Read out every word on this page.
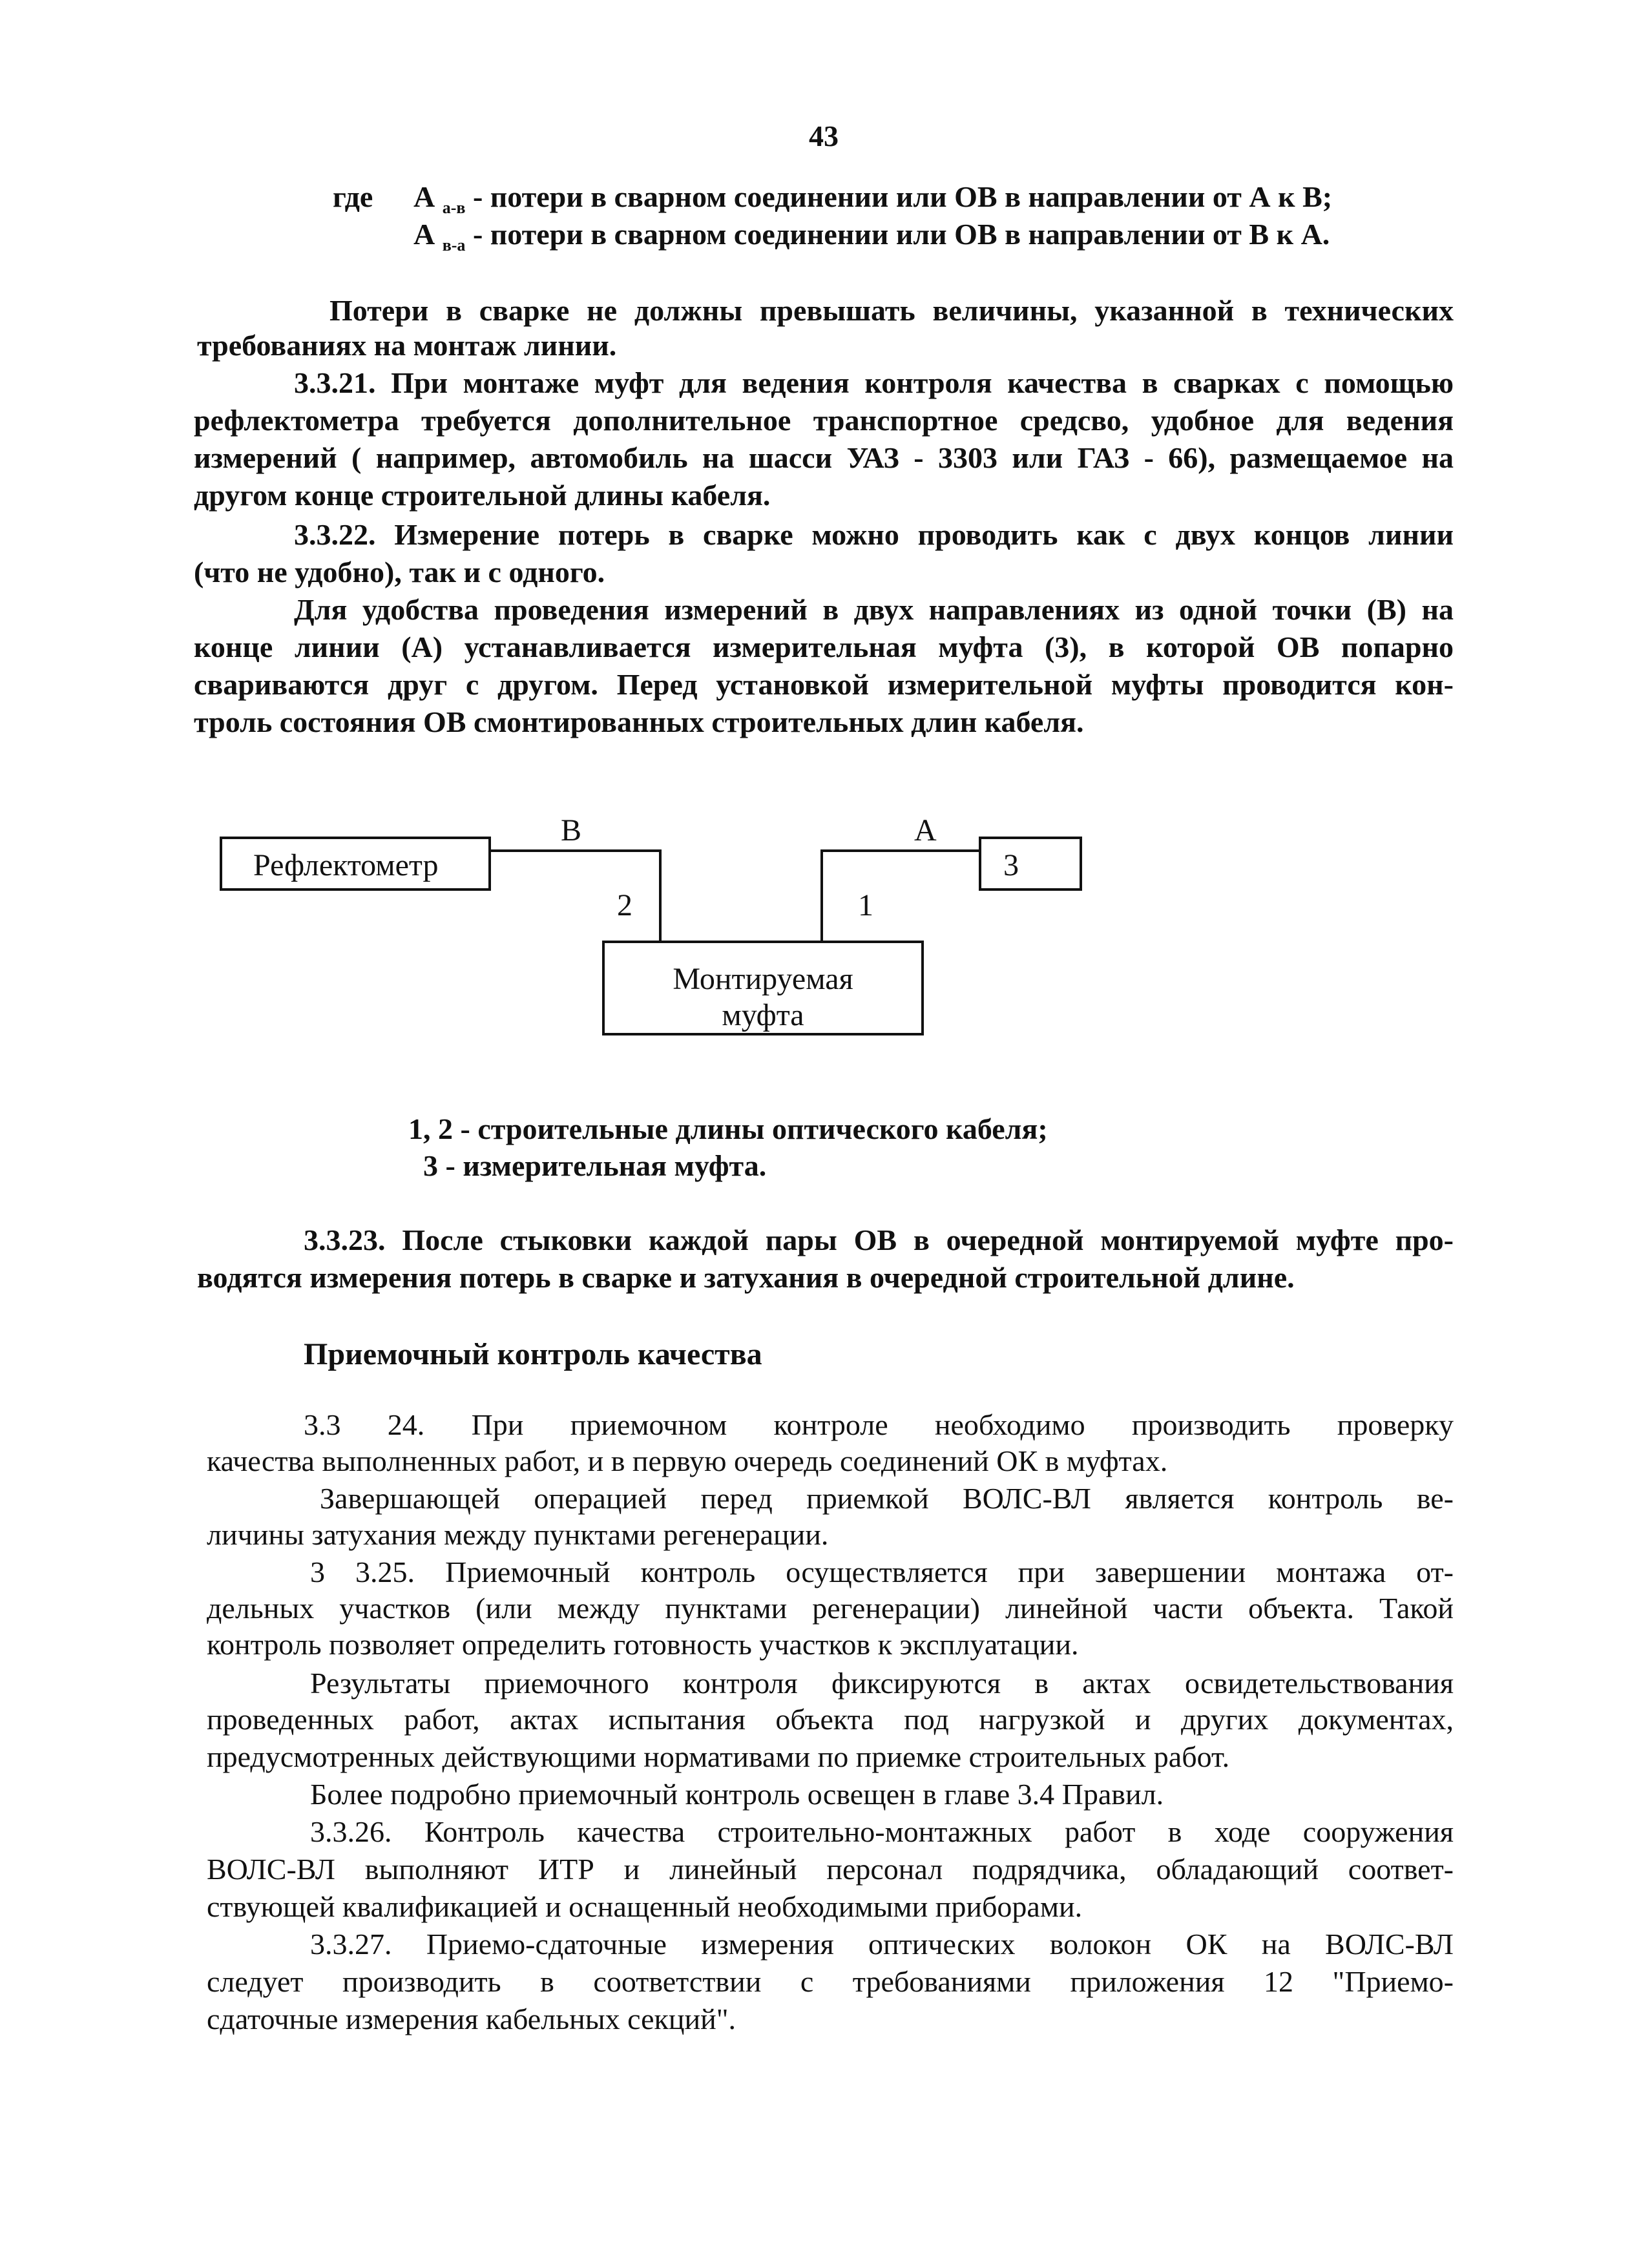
43
где А $_{а-в}$ - потери в сварном соединении или ОВ в направлении от А к В;
А $_{в-а}$ - потери в сварном соединении или ОВ в направлении от В к А.
Потери в сварке не должны превышать величины, указанной в технических
требованиях на монтаж линии.
3.3.21. При монтаже муфт для ведения контроля качества в сварках с помощью
рефлектометра требуется дополнительное транспортное средсво, удобное для ведения
измерений ( например, автомобиль на шасси УАЗ - 3303 или ГАЗ - 66), размещаемое на
другом конце строительной длины кабеля.
3.3.22. Измерение потерь в сварке можно проводить как с двух концов линии
(что не удобно), так и с одного.
Для удобства проведения измерений в двух направлениях из одной точки (В) на
конце линии (А) устанавливается измерительная муфта (3), в которой ОВ попарно
свариваются друг с другом. Перед установкой измерительной муфты проводится кон-
троль состояния ОВ смонтированных строительных длин кабеля.
Рефлектометр	3
В
2
А
1
Монтируемая
муфта
1, 2 - строительные длины оптического кабеля;
3 - измерительная муфта.
3.3.23. После стыковки каждой пары ОВ в очередной монтируемой муфте про-
водятся измерения потерь в сварке и затухания в очередной строительной длине.
Приемочный контроль качества
3.3 24. При приемочном контроле необходимо производить проверку
качества выполненных работ, и в первую очередь соединений ОК в муфтах.
Завершающей операцией перед приемкой ВОЛС-ВЛ является контроль ве-
личины затухания между пунктами регенерации.
3 3.25. Приемочный контроль осуществляется при завершении монтажа от-
дельных участков (или между пунктами регенерации) линейной части объекта. Такой
контроль позволяет определить готовность участков к эксплуатации.
Результаты приемочного контроля фиксируются в актах освидетельствования
проведенных работ, актах испытания объекта под нагрузкой и других документах,
предусмотренных действующими нормативами по приемке строительных работ.
Более подробно приемочный контроль освещен в главе 3.4 Правил.
3.3.26. Контроль качества строительно-монтажных работ в ходе сооружения
ВОЛС-ВЛ выполняют ИТР и линейный персонал подрядчика, обладающий соответ-
ствующей квалификацией и оснащенный необходимыми приборами.
3.3.27. Приемо-сдаточные измерения оптических волокон ОК на ВОЛС-ВЛ
следует производить в соответствии с требованиями приложения 12 "Приемо-
сдаточные измерения кабельных секций".
